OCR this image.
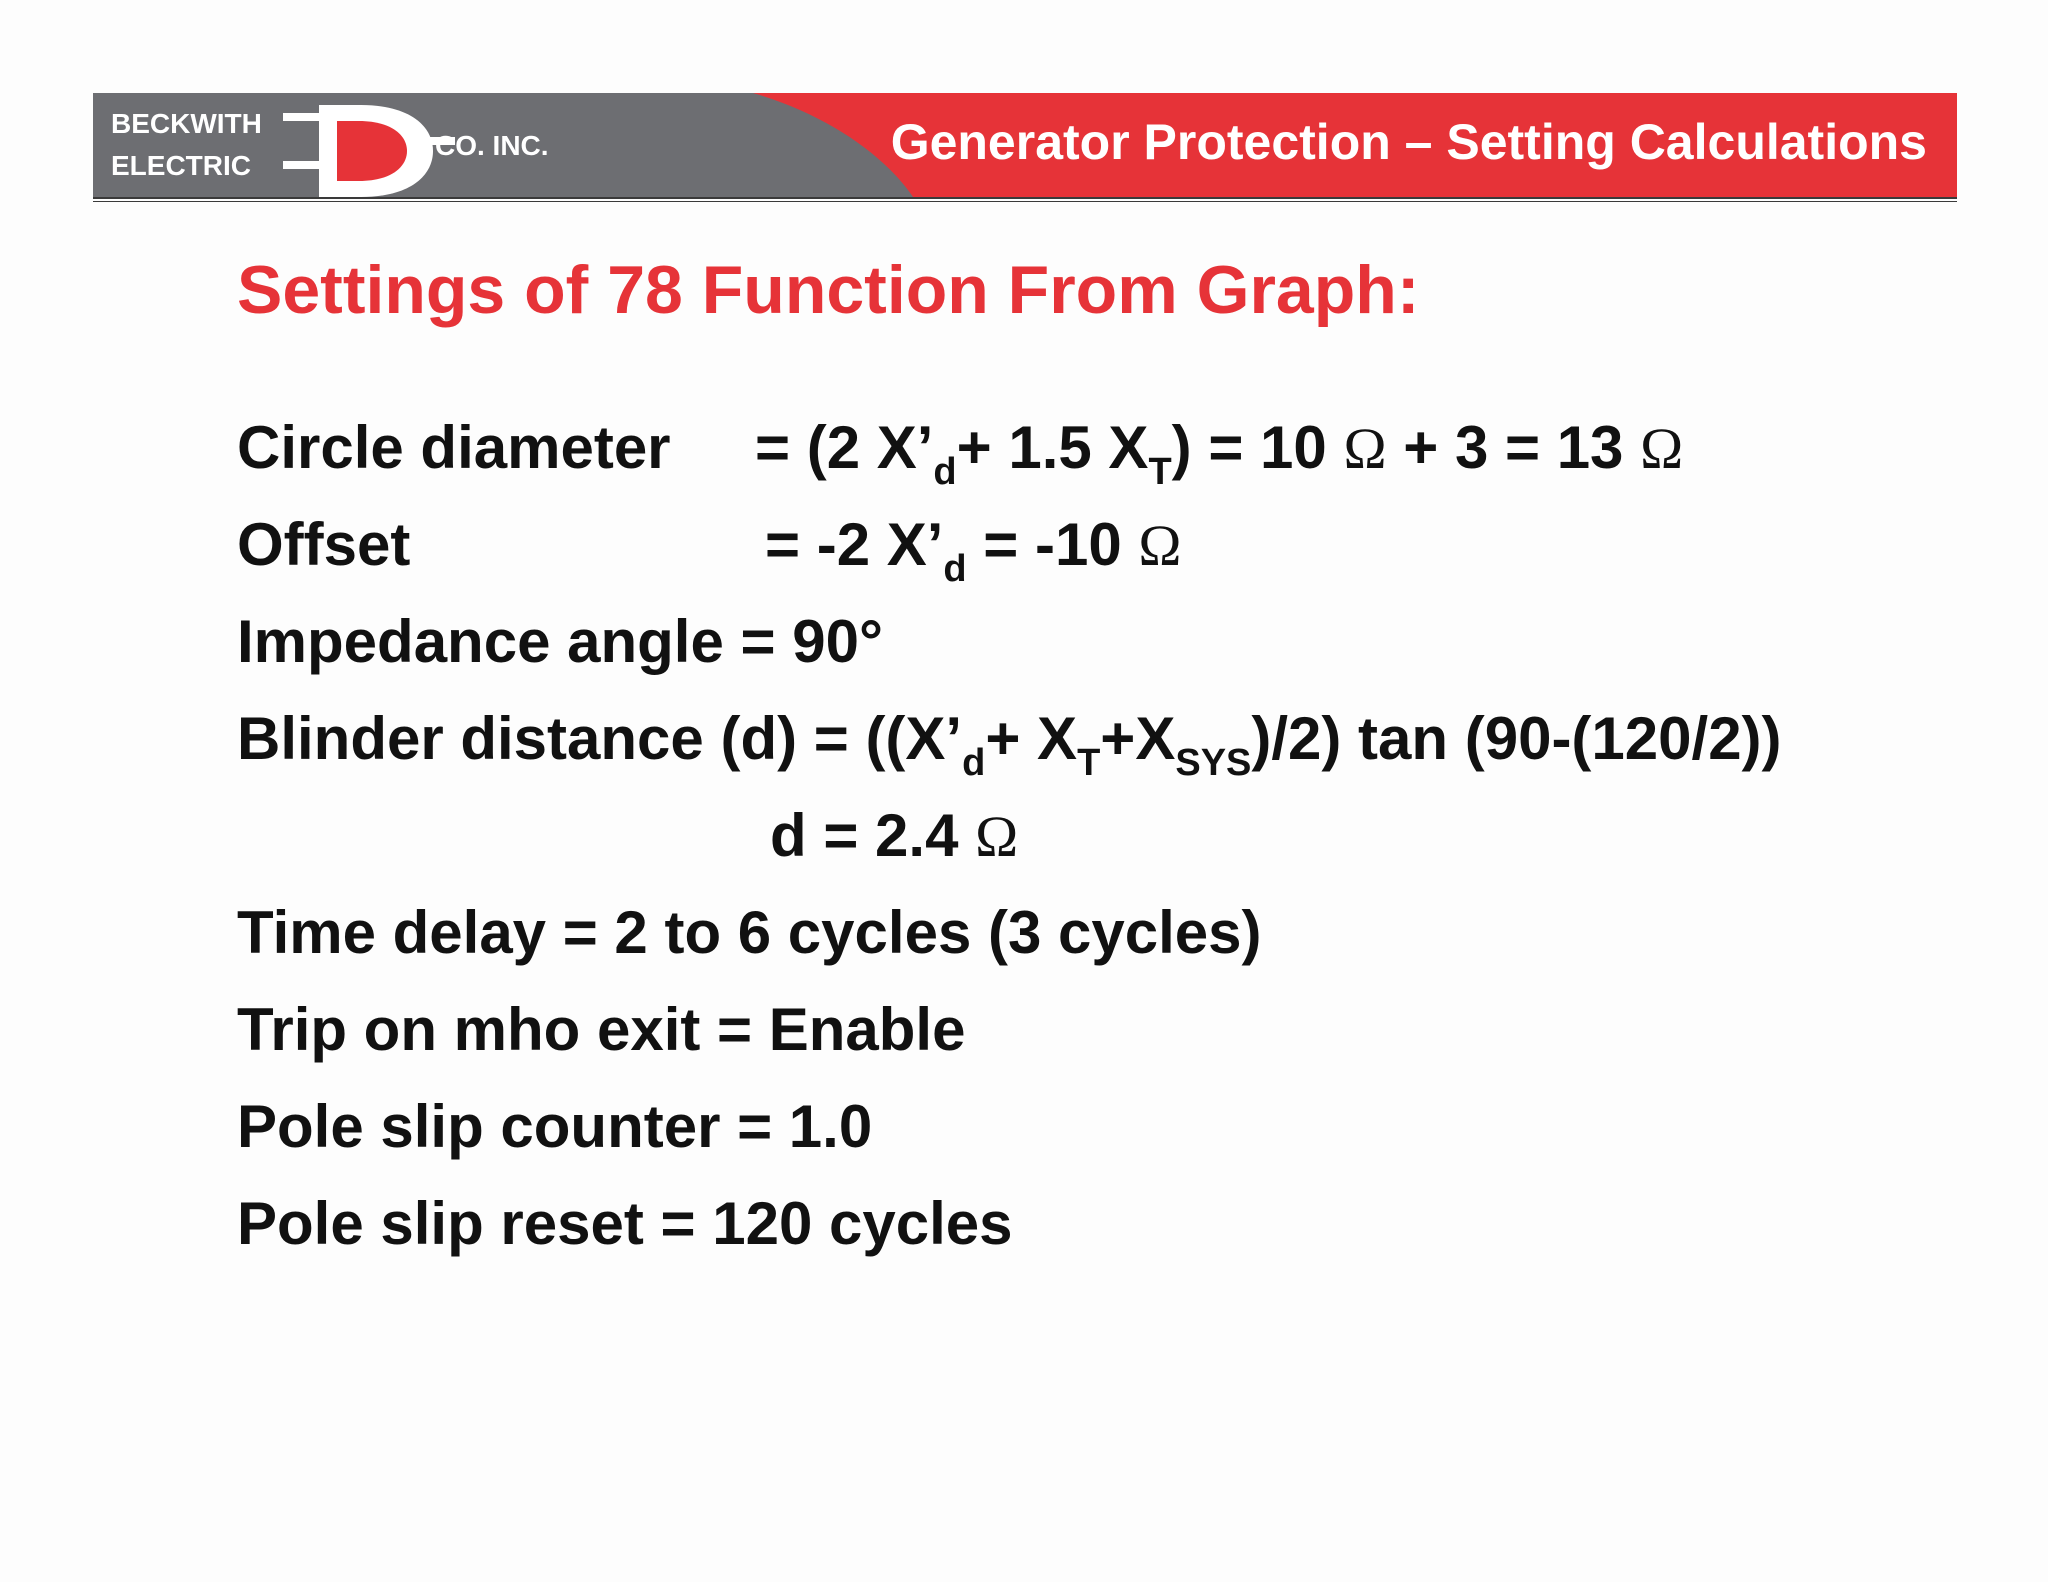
BECKWITH
ELECTRIC
CO. INC.	Generator Protection – Setting Calculations
Settings of 78 Function From Graph:
Circle diameter = (2 $X’_d+ 1.5$ $X_T) = 10$ Ω + 3 = 13 Ω
Offset	= -2 $X’_d = -10$ Ω
Impedance angle = 90°
Blinder distance $(d) = ((X’_d+ X_T+X_{SYS})/2)$ tan (90-(120/2))
d = 2.4 Ω
Time delay = 2 to 6 cycles (3 cycles)
Trip on mho exit = Enable
Pole slip counter = 1.0
Pole slip reset = 120 cycles
